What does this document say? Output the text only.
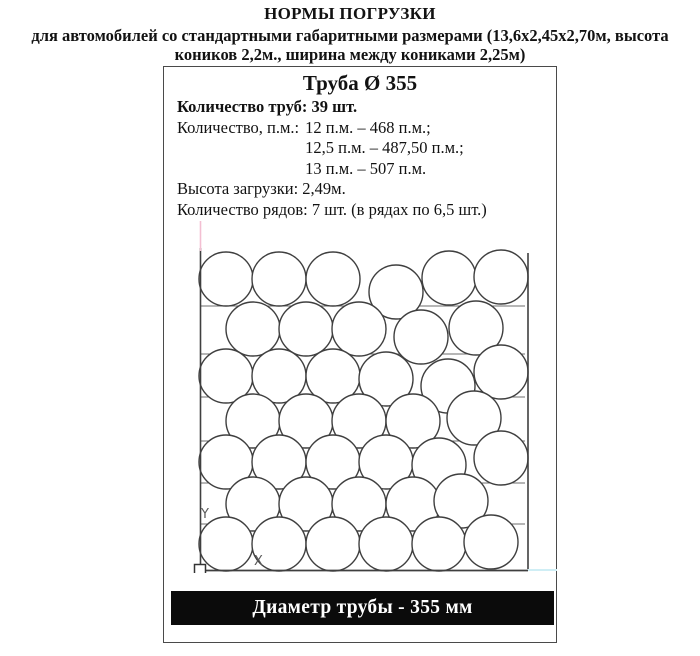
НОРМЫ ПОГРУЗКИ
для автомобилей со стандартными габаритными размерами (13,6х2,45х2,70м, высота
коников 2,2м., ширина между кониками 2,25м)
Труба Ø 355
Количество труб: 39 шт.
Количество, п.м.: 12 п.м. – 468 п.м.;
12,5 п.м. – 487,50 п.м.;
13 п.м. – 507 п.м.
Высота загрузки: 2,49м.
Количество рядов: 7 шт. (в рядах по 6,5 шт.)
Y
X
Диаметр трубы - 355 мм
